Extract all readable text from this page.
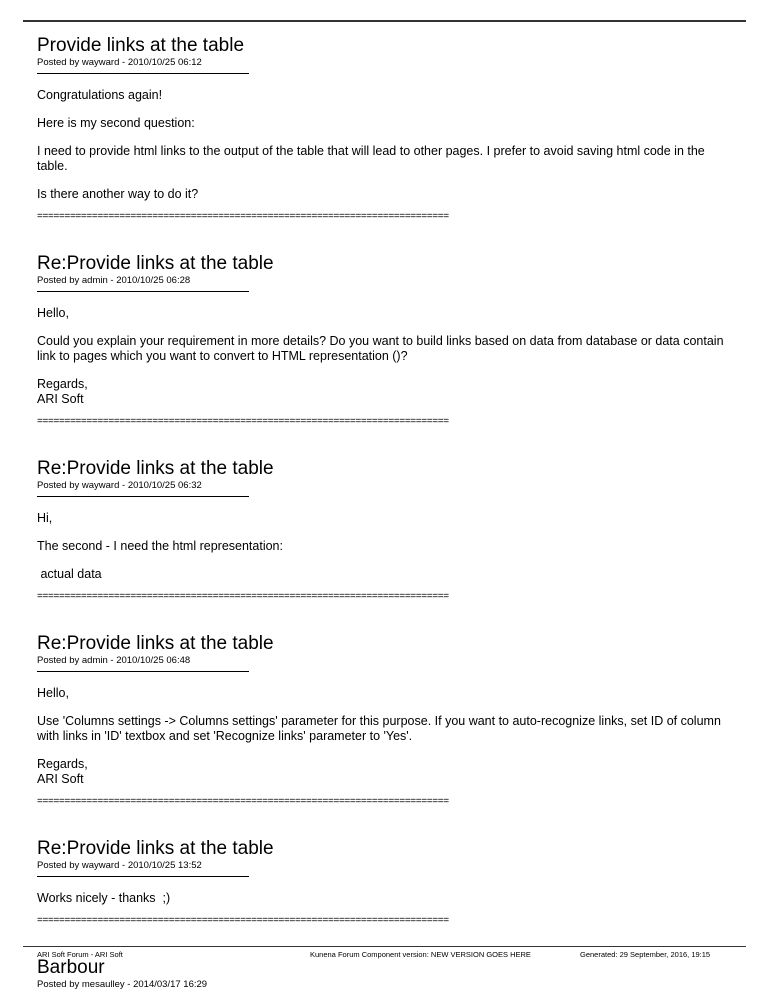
Provide links at the table
Posted by wayward - 2010/10/25 06:12

Congratulations again!

Here is my second question:

I need to provide html links to the output of the table that will lead to other pages. I prefer to avoid saving html code in the table.

Is there another way to do it?

===========================================================================
Re:Provide links at the table
Posted by admin - 2010/10/25 06:28

Hello,

Could you explain your requirement in more details? Do you want to build links based on data from database or data contain link to pages which you want to convert to HTML representation ()?

Regards,
ARI Soft

===========================================================================
Re:Provide links at the table
Posted by wayward - 2010/10/25 06:32

Hi,

The second - I need the html representation:

actual data

===========================================================================
Re:Provide links at the table
Posted by admin - 2010/10/25 06:48

Hello,

Use 'Columns settings -> Columns settings' parameter for this purpose. If you want to auto-recognize links, set ID of column with links in 'ID' textbox and set 'Recognize links' parameter to 'Yes'.

Regards,
ARI Soft

===========================================================================
Re:Provide links at the table
Posted by wayward - 2010/10/25 13:52

Works nicely - thanks  ;)

===========================================================================
Barbour
Posted by mesaulley - 2014/03/17 16:29
ARI Soft Forum - ARI Soft	Kunena Forum Component version: NEW VERSION GOES HERE	Generated: 29 September, 2016, 19:15
